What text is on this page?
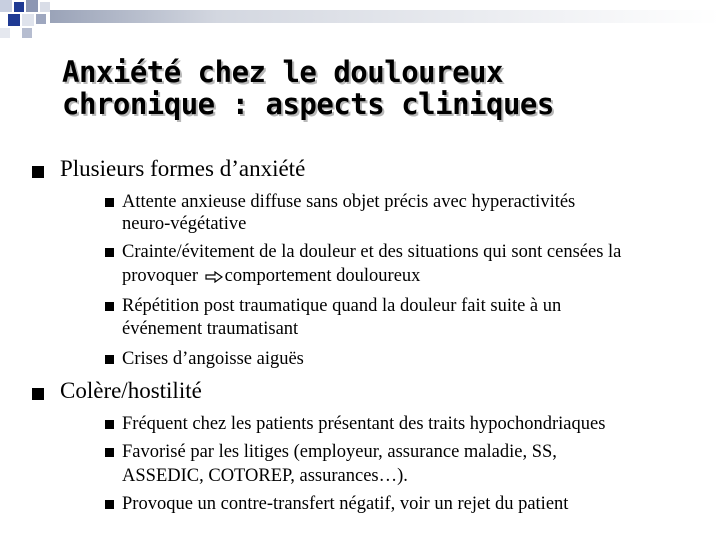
Anxiété chez le douloureux
chronique : aspects cliniques
Plusieurs formes d’anxiété
Attente anxieuse diffuse sans objet précis avec hyperactivités
neuro-végétative
Crainte/évitement de la douleur et des situations qui sont censées la
provoquer comportement douloureux
Répétition post traumatique quand la douleur fait suite à un
événement traumatisant
Crises d’angoisse aiguës
Colère/hostilité
Fréquent chez les patients présentant des traits hypochondriaques
Favorisé par les litiges (employeur, assurance maladie, SS,
ASSEDIC, COTOREP, assurances…).
Provoque un contre-transfert négatif, voir un rejet du patient
